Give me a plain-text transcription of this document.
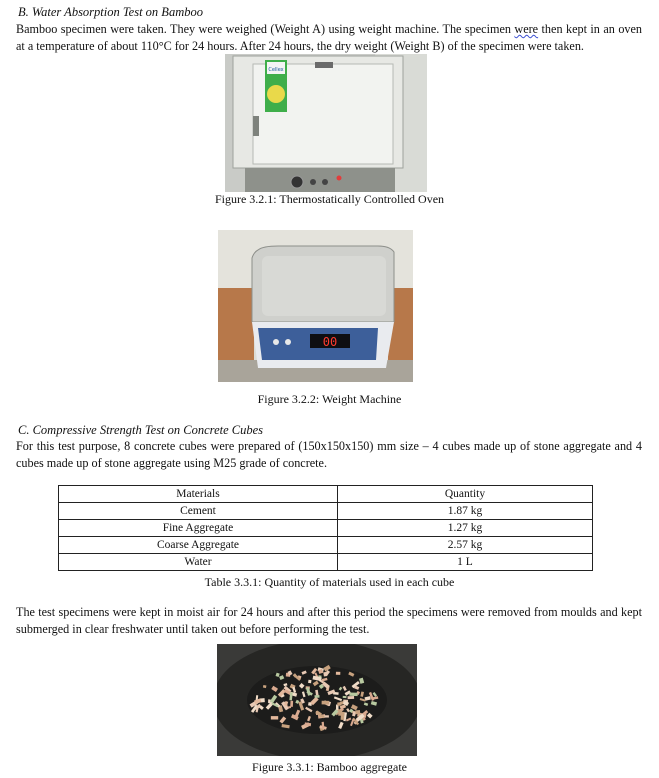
B. Water Absorption Test on Bamboo
Bamboo specimen were taken. They were weighed (Weight A) using weight machine. The specimen were then kept in an oven at a temperature of about 110°C for 24 hours. After 24 hours, the dry weight (Weight B) of the specimen were taken.
Cellex
Figure 3.2.1: Thermostatically Controlled Oven
00
Figure 3.2.2: Weight Machine
C. Compressive Strength Test on Concrete Cubes
For this test purpose, 8 concrete cubes were prepared of (150x150x150) mm size – 4 cubes made up of stone aggregate and 4 cubes made up of stone aggregate using M25 grade of concrete.
Materials	Quantity
Cement	1.87 kg
Fine Aggregate	1.27 kg
Coarse Aggregate	2.57 kg
Water	1 L
Table 3.3.1: Quantity of materials used in each cube
The test specimens were kept in moist air for 24 hours and after this period the specimens were removed from moulds and kept submerged in clear freshwater until taken out before performing the test.
Figure 3.3.1: Bamboo aggregate
